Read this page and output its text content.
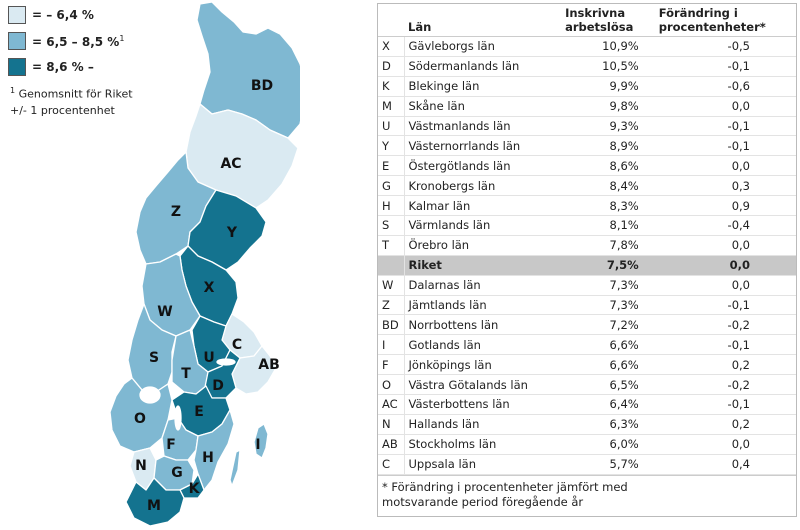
= – 6,4 %
= 6,5 – 8,5 %$^1$
= 8,6 % –
$^1$ Genomsnitt för Riket
+/- 1 procentenhet
BD
AC
Z
Y
X
W
C
AB
U
S
T
D
O	E
F	I
H
N G
K
M
	Län	Inskrivna
arbetslösa	Förändring i
procentenheter*

X	Gävleborgs län	10,9%	-0,5
D	Södermanlands län	10,5%	-0,1
K	Blekinge län	9,9%	-0,6
M	Skåne län	9,8%	0,0
U	Västmanlands län	9,3%	-0,1
Y	Västernorrlands län	8,9%	-0,1
E	Östergötlands län	8,6%	0,0
G	Kronobergs län	8,4%	0,3
H	Kalmar län	8,3%	0,9
S	Värmlands län	8,1%	-0,4
T	Örebro län	7,8%	0,0
	Riket	7,5%	0,0
W	Dalarnas län	7,3%	0,0
Z	Jämtlands län	7,3%	-0,1
BD	Norrbottens län	7,2%	-0,2
I	Gotlands län	6,6%	-0,1
F	Jönköpings län	6,6%	0,2
O	Västra Götalands län	6,5%	-0,2
AC	Västerbottens län	6,4%	-0,1
N	Hallands län	6,3%	0,2
AB	Stockholms län	6,0%	0,0
C	Uppsala län	5,7%	0,4
* Förändring i procentenheter jämfört med
motsvarande period föregående år
